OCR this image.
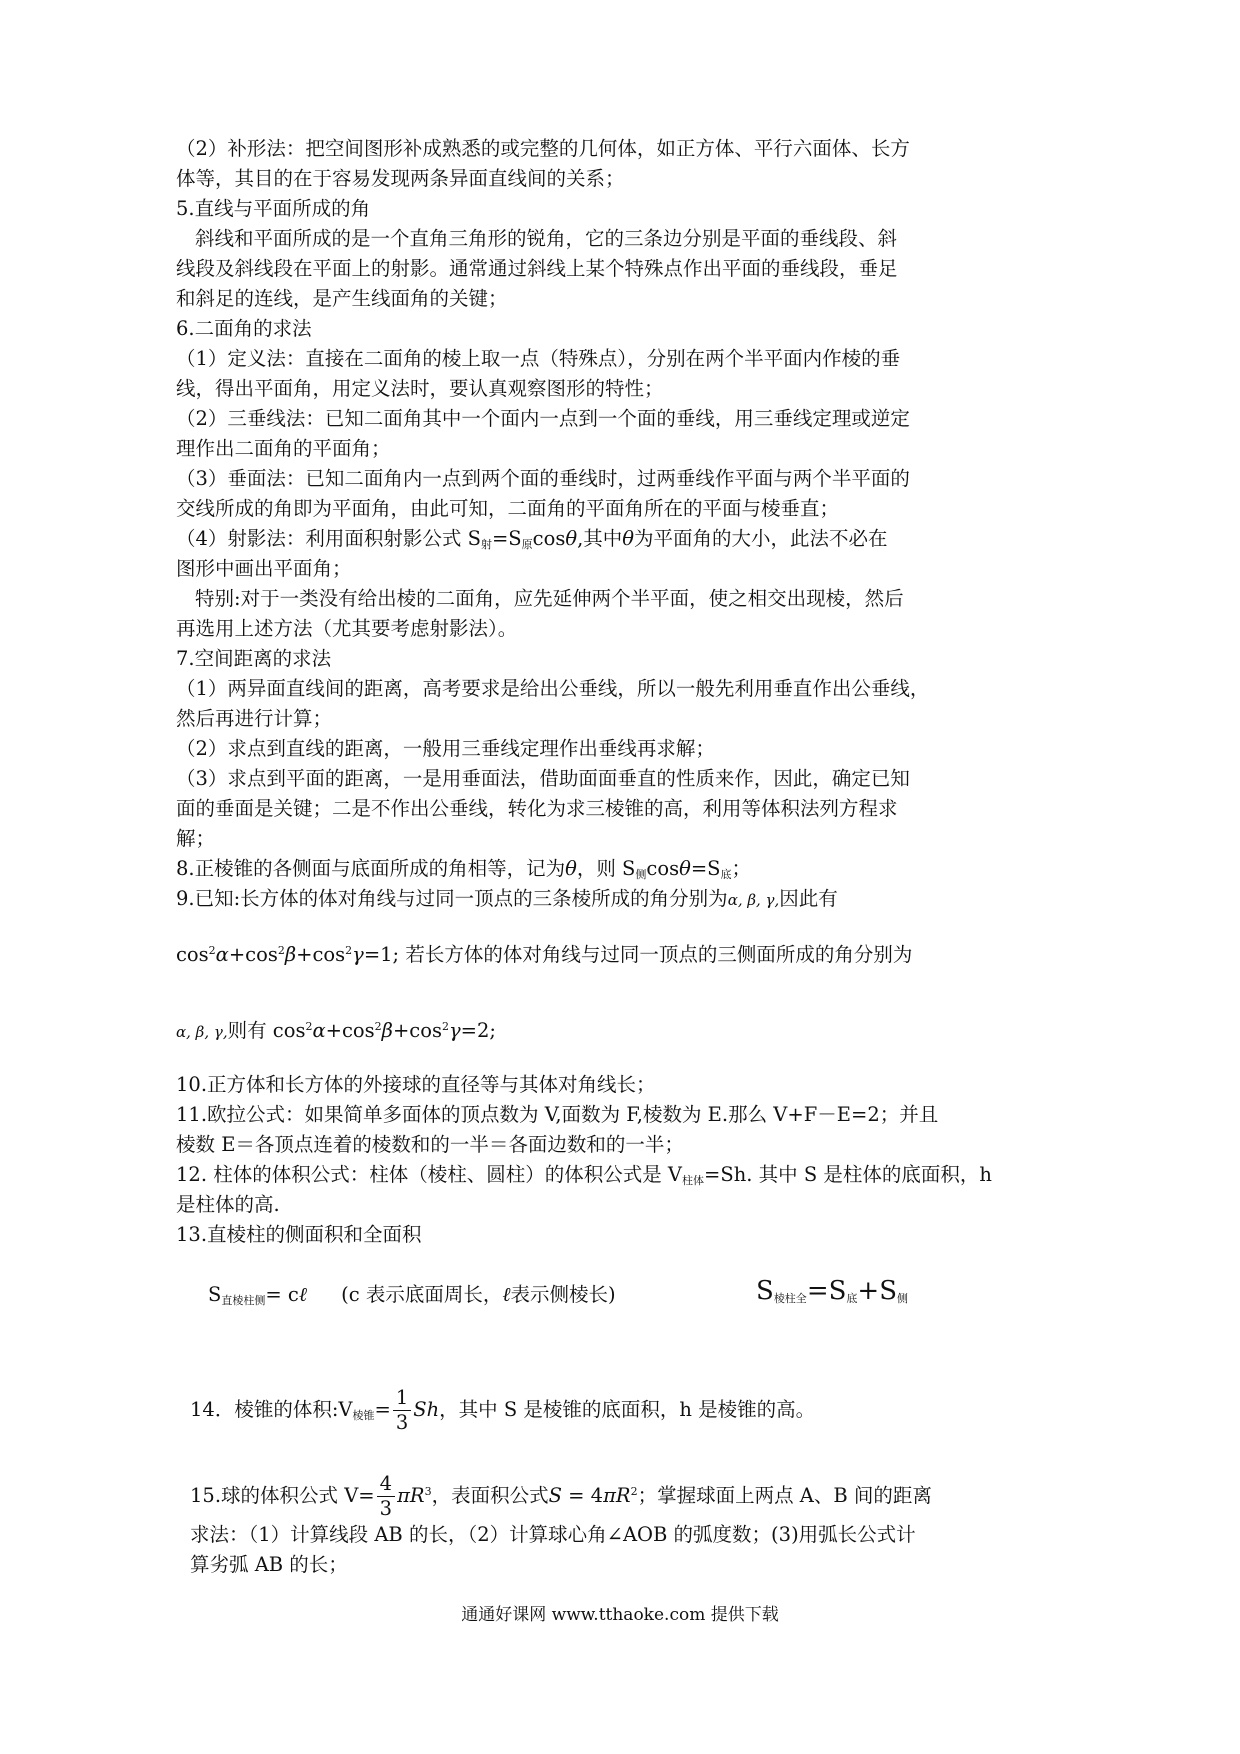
（2）补形法：把空间图形补成熟悉的或完整的几何体，如正方体、平行六面体、长方
体等，其目的在于容易发现两条异面直线间的关系；
5.直线与平面所成的角
斜线和平面所成的是一个直角三角形的锐角，它的三条边分别是平面的垂线段、斜
线段及斜线段在平面上的射影。通常通过斜线上某个特殊点作出平面的垂线段，垂足
和斜足的连线，是产生线面角的关键；
6.二面角的求法
（1）定义法：直接在二面角的棱上取一点（特殊点），分别在两个半平面内作棱的垂
线，得出平面角，用定义法时，要认真观察图形的特性；
（2）三垂线法：已知二面角其中一个面内一点到一个面的垂线，用三垂线定理或逆定
理作出二面角的平面角；
（3）垂面法：已知二面角内一点到两个面的垂线时，过两垂线作平面与两个半平面的
交线所成的角即为平面角，由此可知，二面角的平面角所在的平面与棱垂直；
（4）射影法：利用面积射影公式 S射=S原cosθ,其中θ为平面角的大小，此法不必在
图形中画出平面角；
特别:对于一类没有给出棱的二面角，应先延伸两个半平面，使之相交出现棱，然后
再选用上述方法（尤其要考虑射影法）。
7.空间距离的求法
（1）两异面直线间的距离，高考要求是给出公垂线，所以一般先利用垂直作出公垂线，
然后再进行计算；
（2）求点到直线的距离，一般用三垂线定理作出垂线再求解；
（3）求点到平面的距离，一是用垂面法，借助面面垂直的性质来作，因此，确定已知
面的垂面是关键；二是不作出公垂线，转化为求三棱锥的高，利用等体积法列方程求
解；
8.正棱锥的各侧面与底面所成的角相等，记为θ，则 S侧cosθ=S底；
9.已知:长方体的体对角线与过同一顶点的三条棱所成的角分别为α, β, γ,因此有
$\cos^2\alpha+\cos^2\beta+\cos^2\gamma=1$; 若长方体的体对角线与过同一顶点的三侧面所成的角分别为
α, β, γ,则有 $\cos^2\alpha+\cos^2\beta+\cos^2\gamma=2$;
10.正方体和长方体的外接球的直径等与其体对角线长；
11.欧拉公式：如果简单多面体的顶点数为 V,面数为 F,棱数为 E.那么 V+F－E=2；并且
棱数 E＝各顶点连着的棱数和的一半＝各面边数和的一半；
12. 柱体的体积公式：柱体（棱柱、圆柱）的体积公式是 V柱体=Sh. 其中 S 是柱体的底面积，h
是柱体的高.
13.直棱柱的侧面积和全面积
S直棱柱侧= cℓ (c 表示底面周长，ℓ表示侧棱长)	S棱柱全=S底+S侧
14．棱锥的体积:V棱锥= $\frac{1}{3}$ Sh，其中 S 是棱锥的底面积，h 是棱锥的高。
15.球的体积公式 $V= \frac{4}{3} \pi R^3$，表面积公式$S = 4\pi R^2$；掌握球面上两点 A、B 间的距离
求法：（1）计算线段 AB 的长，（2）计算球心角∠AOB 的弧度数；(3)用弧长公式计
算劣弧 AB 的长；
通通好课网 www.tthaoke.com 提供下载
